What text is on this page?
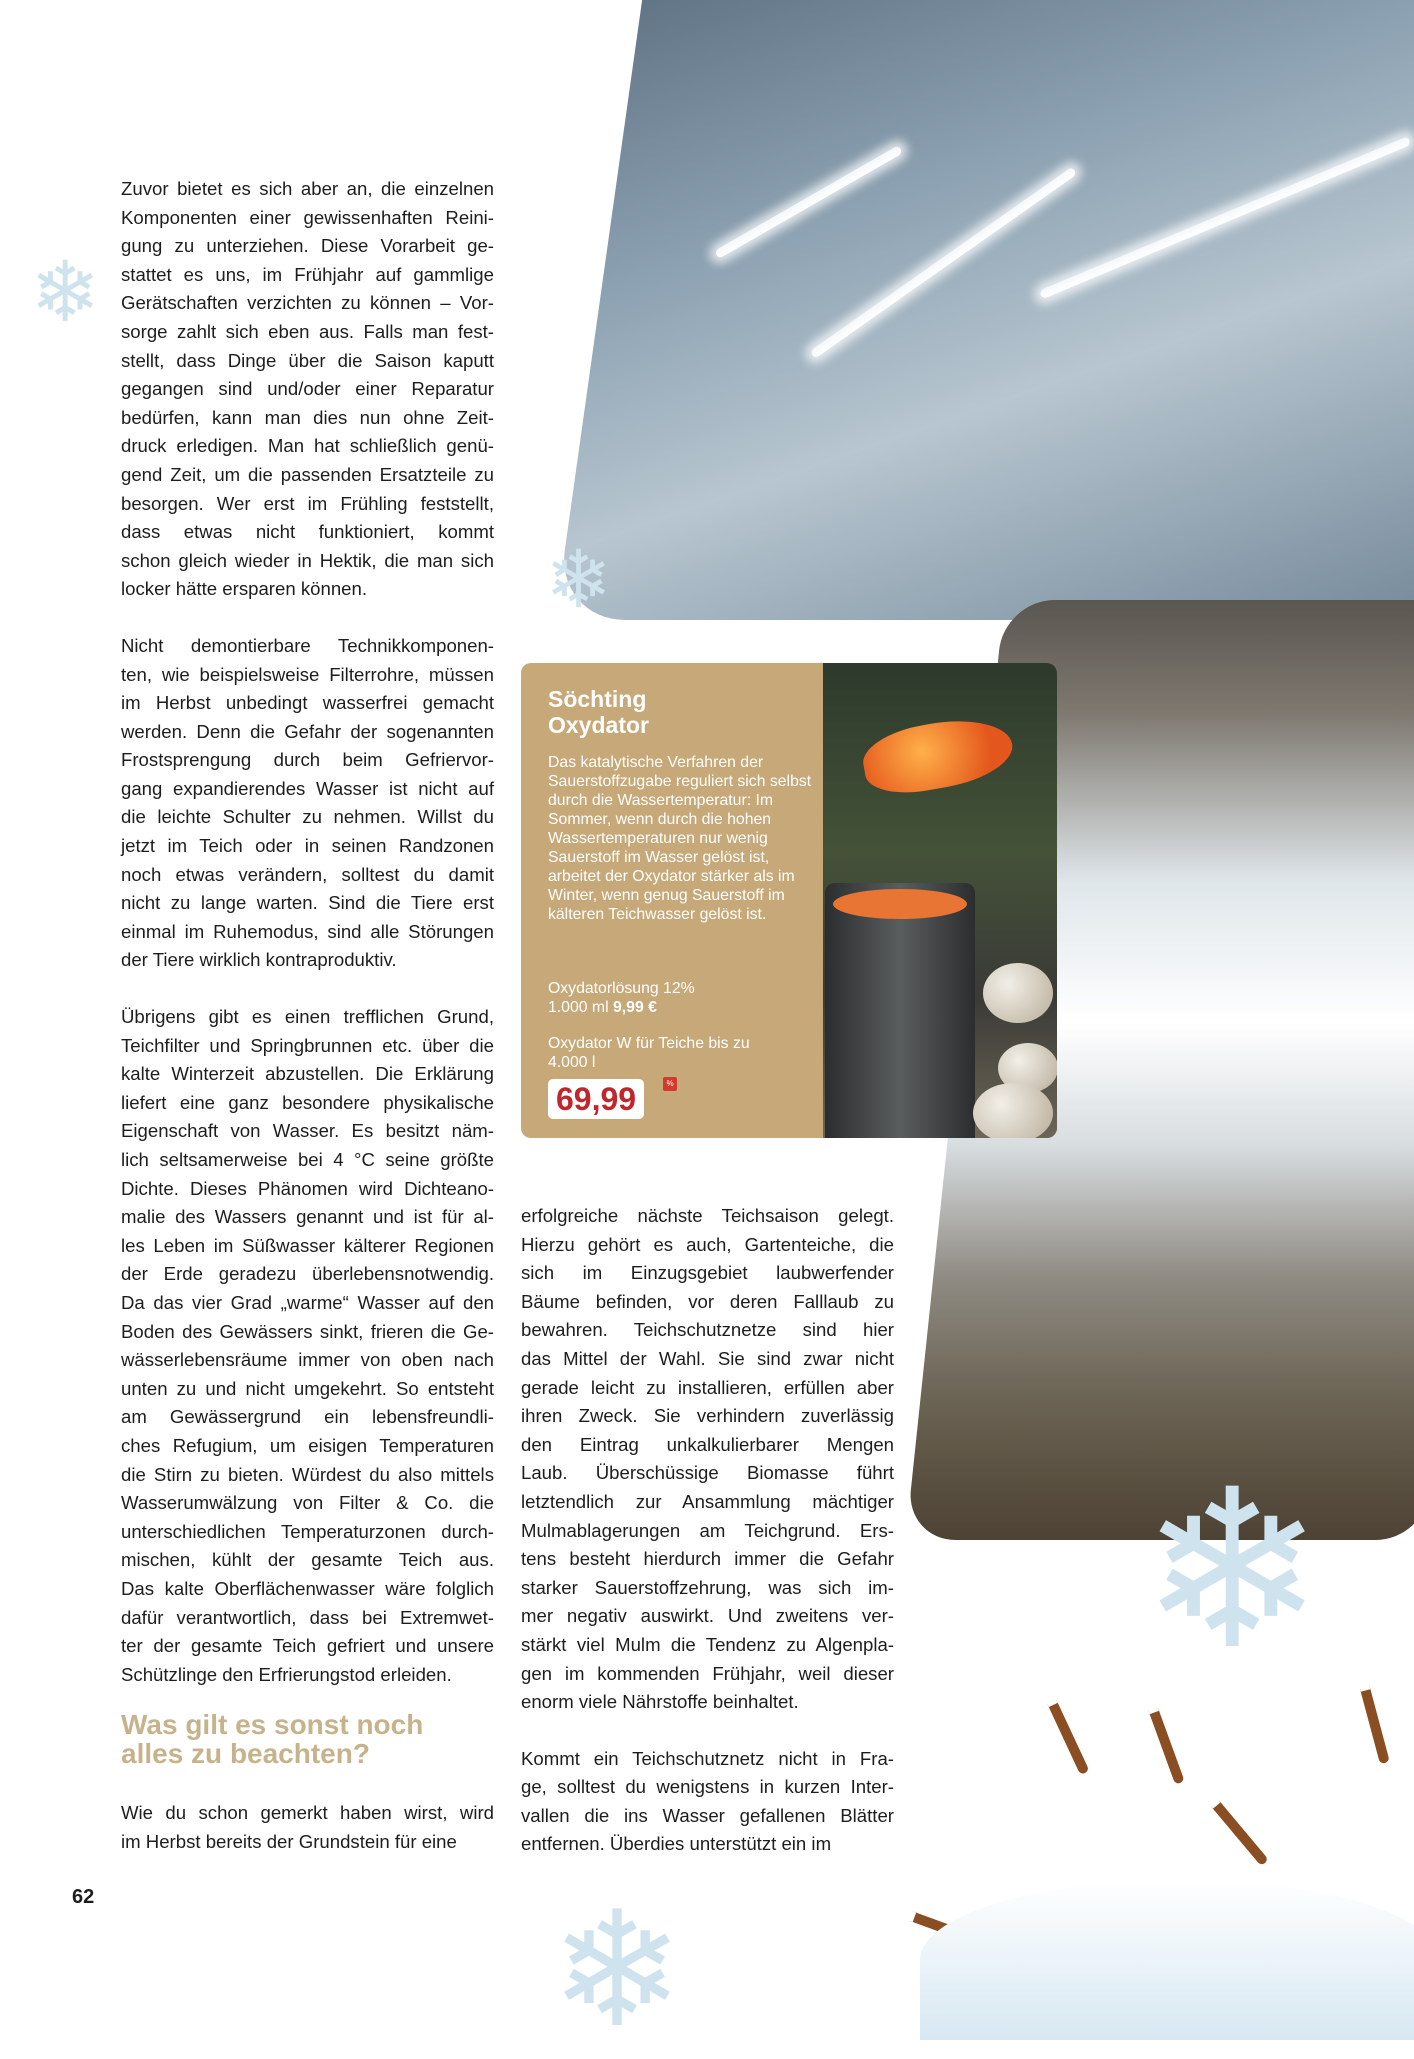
❄
❄
❄
❄
Zuvor bietet es sich aber an, die einzelnen
Komponenten einer gewissenhaften Reini-
gung zu unterziehen. Diese Vorarbeit ge-
stattet es uns, im Frühjahr auf gammlige
Gerätschaften verzichten zu können – Vor-
sorge zahlt sich eben aus. Falls man fest-
stellt, dass Dinge über die Saison kaputt
gegangen sind und/oder einer Reparatur
bedürfen, kann man dies nun ohne Zeit-
druck erledigen. Man hat schließlich genü-
gend Zeit, um die passenden Ersatzteile zu
besorgen. Wer erst im Frühling feststellt,
dass etwas nicht funktioniert, kommt
schon gleich wieder in Hektik, die man sich
locker hätte ersparen können.
Nicht demontierbare Technikkomponen-
ten, wie beispielsweise Filterrohre, müssen
im Herbst unbedingt wasserfrei gemacht
werden. Denn die Gefahr der sogenannten
Frostsprengung durch beim Gefriervor-
gang expandierendes Wasser ist nicht auf
die leichte Schulter zu nehmen. Willst du
jetzt im Teich oder in seinen Randzonen
noch etwas verändern, solltest du damit
nicht zu lange warten. Sind die Tiere erst
einmal im Ruhemodus, sind alle Störungen
der Tiere wirklich kontraproduktiv.
Übrigens gibt es einen trefflichen Grund,
Teichfilter und Springbrunnen etc. über die
kalte Winterzeit abzustellen. Die Erklärung
liefert eine ganz besondere physikalische
Eigenschaft von Wasser. Es besitzt näm-
lich seltsamerweise bei 4 °C seine größte
Dichte. Dieses Phänomen wird Dichteano-
malie des Wassers genannt und ist für al-
les Leben im Süßwasser kälterer Regionen
der Erde geradezu überlebensnotwendig.
Da das vier Grad „warme“ Wasser auf den
Boden des Gewässers sinkt, frieren die Ge-
wässerlebensräume immer von oben nach
unten zu und nicht umgekehrt. So entsteht
am Gewässergrund ein lebensfreundli-
ches Refugium, um eisigen Temperaturen
die Stirn zu bieten. Würdest du also mittels
Wasserumwälzung von Filter & Co. die
unterschiedlichen Temperaturzonen durch-
mischen, kühlt der gesamte Teich aus.
Das kalte Oberflächenwasser wäre folglich
dafür verantwortlich, dass bei Extremwet-
ter der gesamte Teich gefriert und unsere
Schützlinge den Erfrierungstod erleiden.
Was gilt es sonst noch
alles zu beachten?
Wie du schon gemerkt haben wirst, wird
im Herbst bereits der Grundstein für eine
erfolgreiche nächste Teichsaison gelegt.
Hierzu gehört es auch, Gartenteiche, die
sich im Einzugsgebiet laubwerfender
Bäume befinden, vor deren Falllaub zu
bewahren. Teichschutznetze sind hier
das Mittel der Wahl. Sie sind zwar nicht
gerade leicht zu installieren, erfüllen aber
ihren Zweck. Sie verhindern zuverlässig
den Eintrag unkalkulierbarer Mengen
Laub. Überschüssige Biomasse führt
letztendlich zur Ansammlung mächtiger
Mulmablagerungen am Teichgrund. Ers-
tens besteht hierdurch immer die Gefahr
starker Sauerstoffzehrung, was sich im-
mer negativ auswirkt. Und zweitens ver-
stärkt viel Mulm die Tendenz zu Algenpla-
gen im kommenden Frühjahr, weil dieser
enorm viele Nährstoffe beinhaltet.
Kommt ein Teichschutznetz nicht in Fra-
ge, solltest du wenigstens in kurzen Inter-
vallen die ins Wasser gefallenen Blätter
entfernen. Überdies unterstützt ein im
Söchting
Oxydator
Das katalytische Verfahren der Sauerstoffzugabe reguliert sich selbst durch die Wassertemperatur: Im Sommer, wenn durch die hohen Wassertemperaturen nur wenig Sauerstoff im Wasser gelöst ist, arbeitet der Oxydator stärker als im Winter, wenn genug Sauerstoff im kälteren Teichwasser gelöst ist.
Oxydatorlösung 12%
1.000 ml 9,99 €
Oxydator W für Teiche bis zu 4.000 l
69,99	%
62
